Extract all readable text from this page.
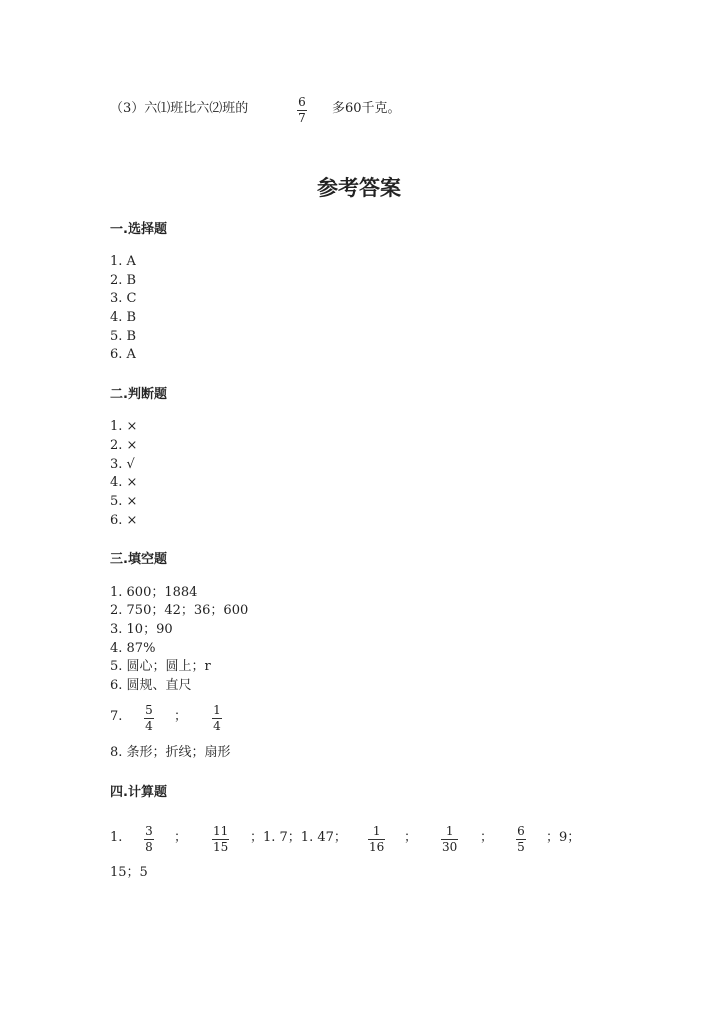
（3）六⑴班比六⑵班的	6
7
多60千克。
参考答案
一.选择题
1. A
2. B
3. C
4. B
5. B
6. A
二.判断题
1. ×
2. ×
3. √
4. ×
5. ×
6. ×
三.填空题
1. 600；1884
2. 750；42；36；600
3. 10；90
4. 87%
5. 圆心；圆上；r
6. 圆规、直尺
7. 5
4
； 1
4
8. 条形；折线；扇形
四.计算题
1. 3
8
； 11
15
；1. 7；1. 47； 1
16
； 1
30
； 6
5
；9；
15；5
